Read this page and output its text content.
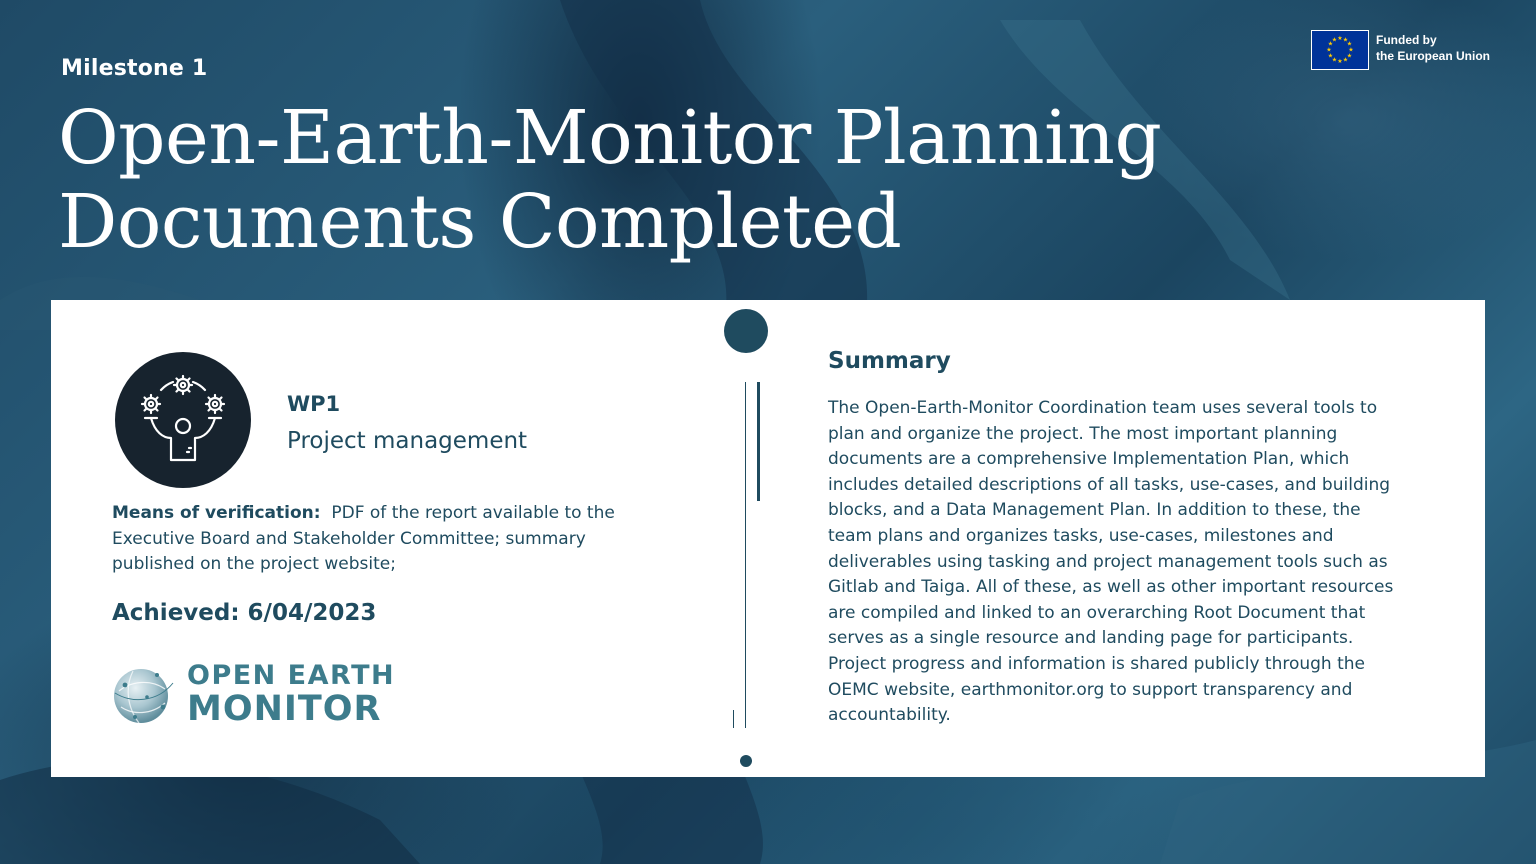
Milestone 1
Open-Earth-Monitor Planning
Documents Completed
★ ★
★
★
★
★
★
★
★
★
★
★	Funded by
the European Union
WP1
Project management
Means of verification: PDF of the report available to the Executive Board and Stakeholder Committee; summary published on the project website;
Achieved: 6/04/2023
OPEN EARTH
MONITOR
Summary

The Open-Earth-Monitor Coordination team uses several tools to plan and organize the project. The most important planning documents are a comprehensive Implementation Plan, which includes detailed descriptions of all tasks, use-cases, and building blocks, and a Data Management Plan. In addition to these, the team plans and organizes tasks, use-cases, milestones and deliverables using tasking and project management tools such as Gitlab and Taiga. All of these, as well as other important resources are compiled and linked to an overarching Root Document that serves as a single resource and landing page for participants. Project progress and information is shared publicly through the OEMC website, earthmonitor.org to support transparency and accountability.
